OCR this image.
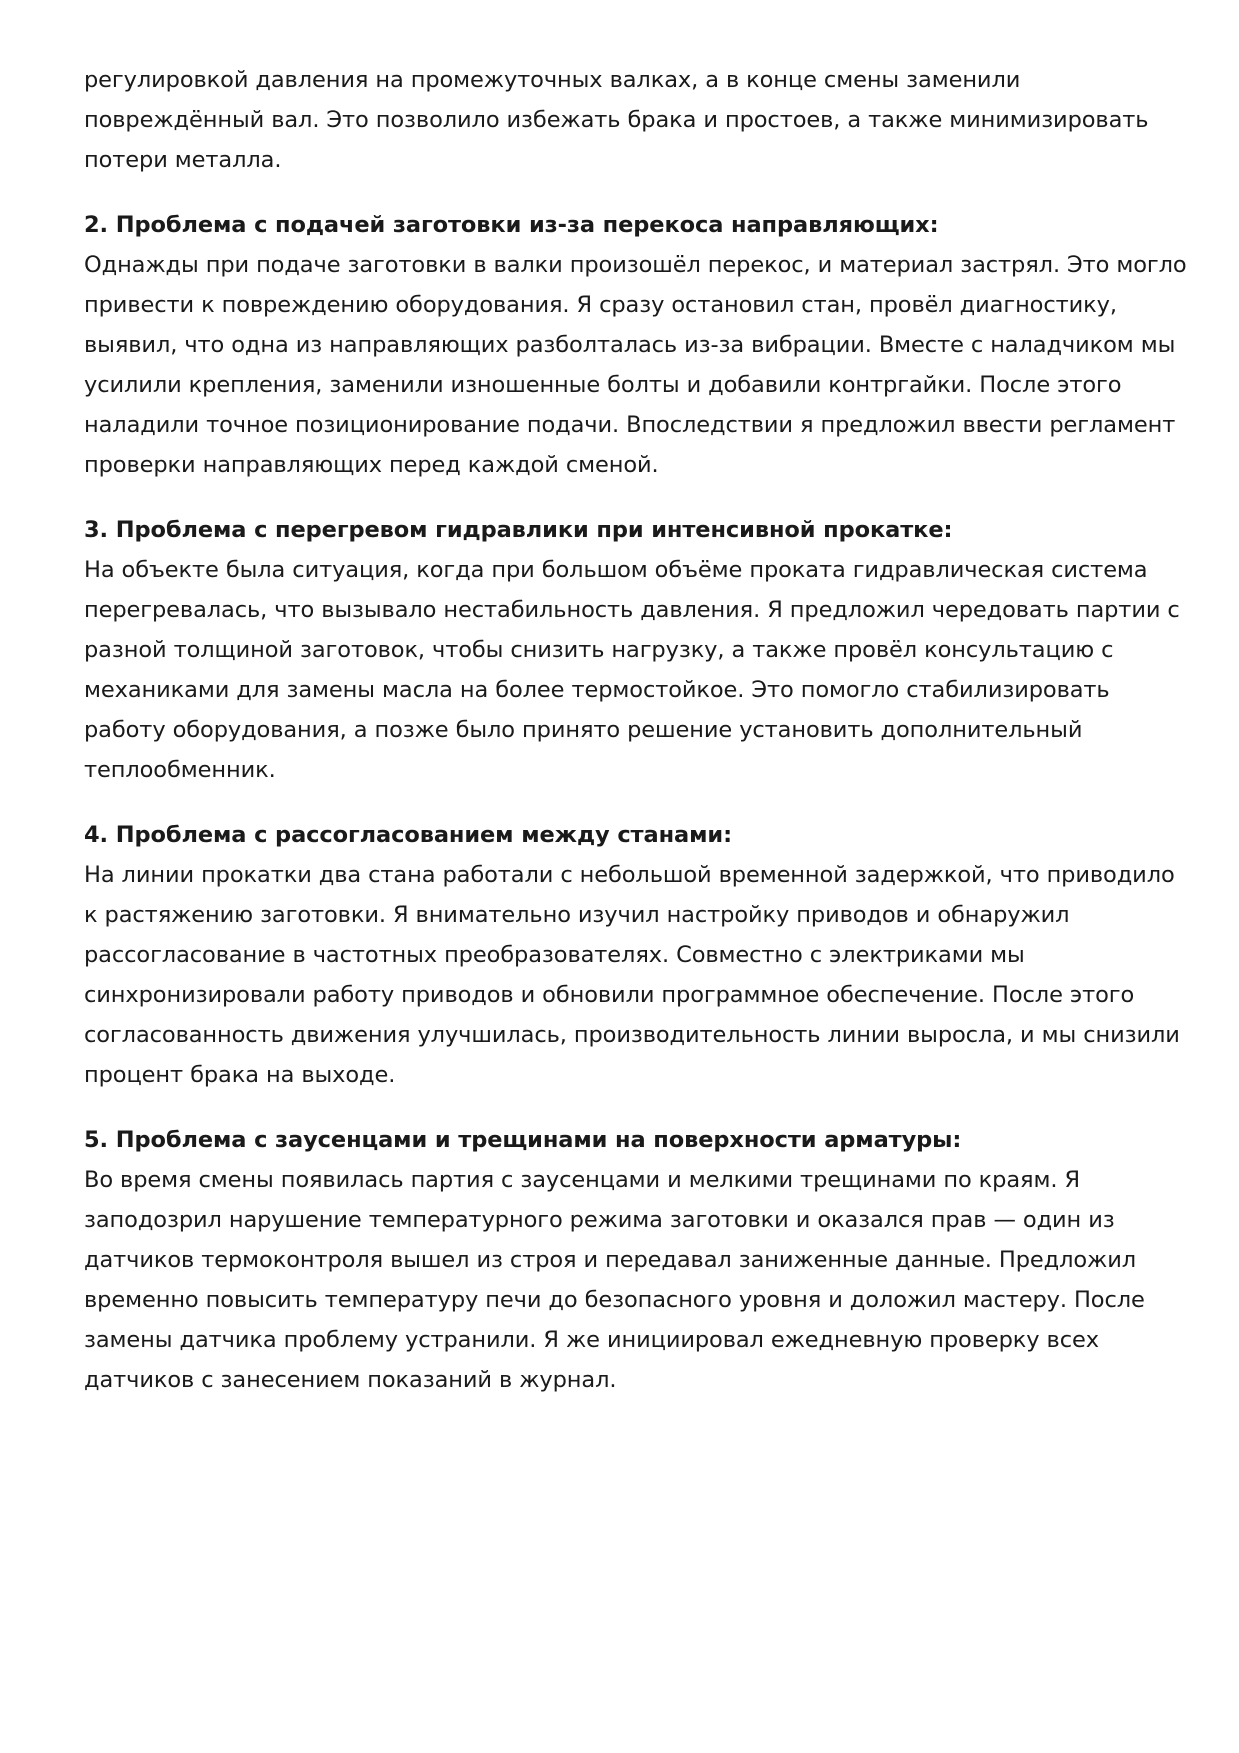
регулировкой давления на промежуточных валках, а в конце смены заменили
повреждённый вал. Это позволило избежать брака и простоев, а также минимизировать
потери металла.

2. Проблема с подачей заготовки из-за перекоса направляющих:

Однажды при подаче заготовки в валки произошёл перекос, и материал застрял. Это могло
привести к повреждению оборудования. Я сразу остановил стан, провёл диагностику,
выявил, что одна из направляющих разболталась из-за вибрации. Вместе с наладчиком мы
усилили крепления, заменили изношенные болты и добавили контргайки. После этого
наладили точное позиционирование подачи. Впоследствии я предложил ввести регламент
проверки направляющих перед каждой сменой.

3. Проблема с перегревом гидравлики при интенсивной прокатке:

На объекте была ситуация, когда при большом объёме проката гидравлическая система
перегревалась, что вызывало нестабильность давления. Я предложил чередовать партии с
разной толщиной заготовок, чтобы снизить нагрузку, а также провёл консультацию с
механиками для замены масла на более термостойкое. Это помогло стабилизировать
работу оборудования, а позже было принято решение установить дополнительный
теплообменник.

4. Проблема с рассогласованием между станами:

На линии прокатки два стана работали с небольшой временной задержкой, что приводило
к растяжению заготовки. Я внимательно изучил настройку приводов и обнаружил
рассогласование в частотных преобразователях. Совместно с электриками мы
синхронизировали работу приводов и обновили программное обеспечение. После этого
согласованность движения улучшилась, производительность линии выросла, и мы снизили
процент брака на выходе.

5. Проблема с заусенцами и трещинами на поверхности арматуры:

Во время смены появилась партия с заусенцами и мелкими трещинами по краям. Я
заподозрил нарушение температурного режима заготовки и оказался прав — один из
датчиков термоконтроля вышел из строя и передавал заниженные данные. Предложил
временно повысить температуру печи до безопасного уровня и доложил мастеру. После
замены датчика проблему устранили. Я же инициировал ежедневную проверку всех
датчиков с занесением показаний в журнал.
